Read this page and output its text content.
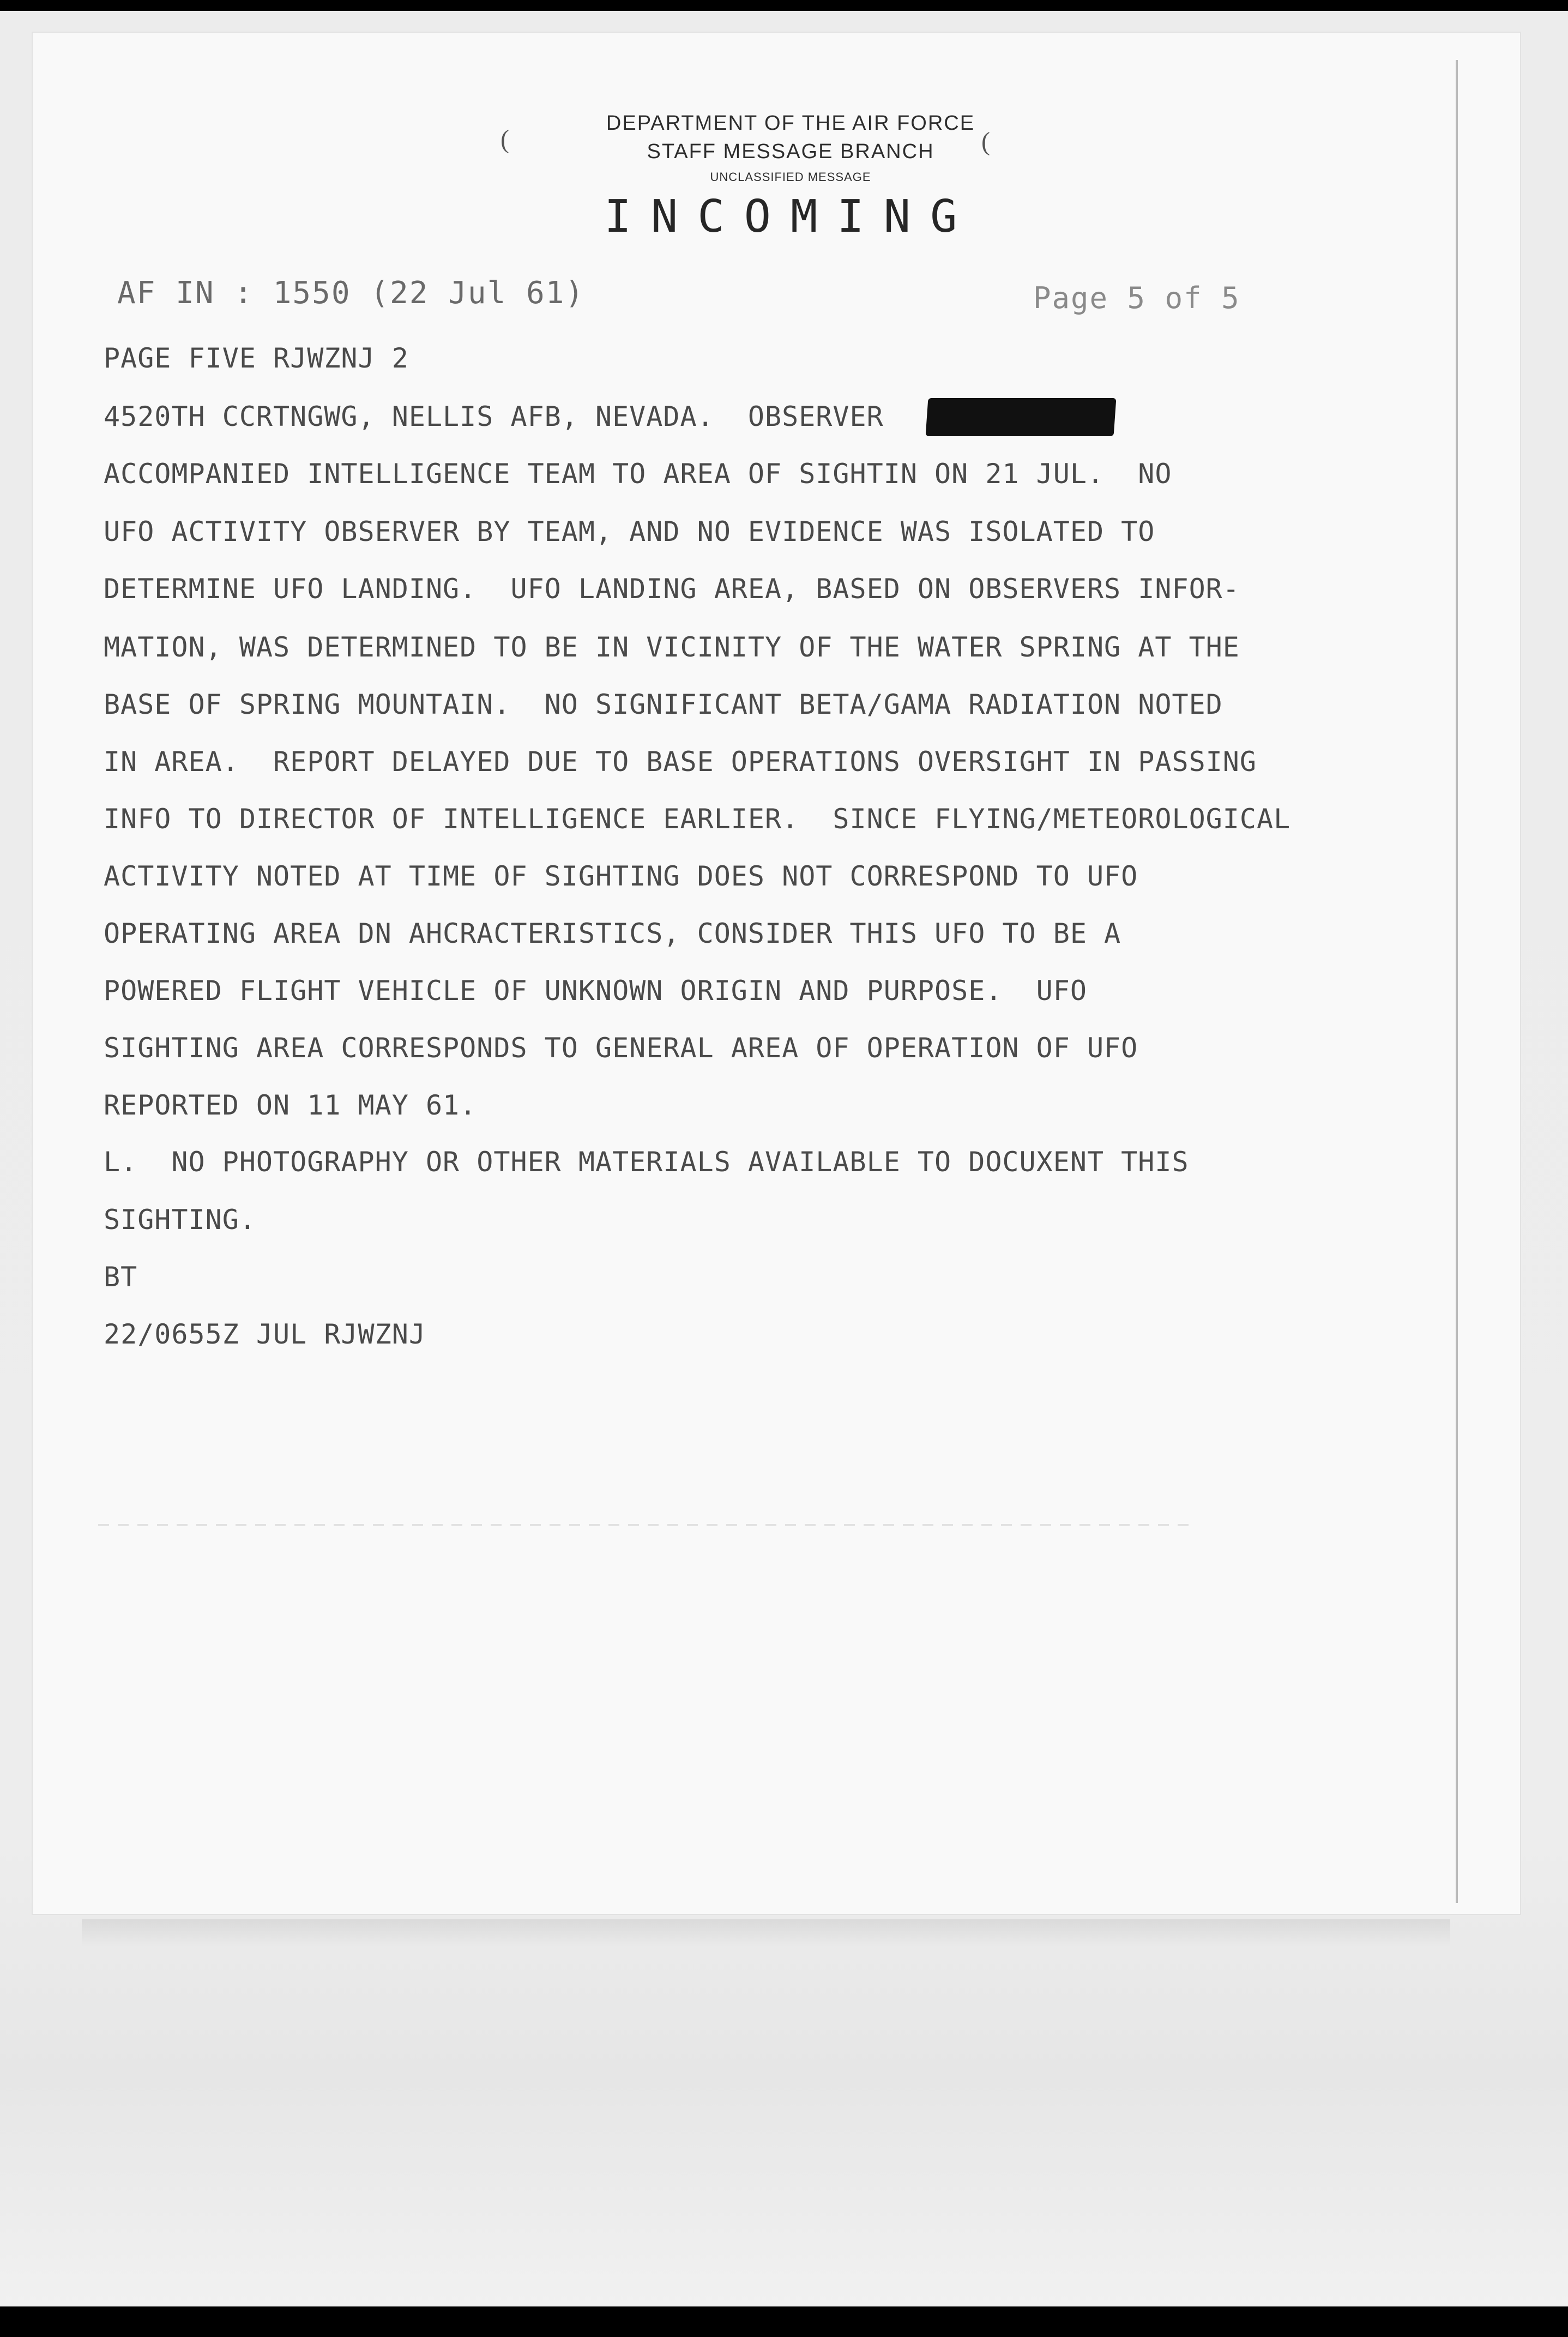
(	(
DEPARTMENT OF THE AIR FORCE
STAFF MESSAGE BRANCH
UNCLASSIFIED MESSAGE
INCOMING
AF IN : 1550 (22 Jul 61)	Page 5 of 5
PAGE FIVE RJWZNJ 2
4520TH CCRTNGWG, NELLIS AFB, NEVADA.  OBSERVER
ACCOMPANIED INTELLIGENCE TEAM TO AREA OF SIGHTIN ON 21 JUL.  NO
UFO ACTIVITY OBSERVER BY TEAM, AND NO EVIDENCE WAS ISOLATED TO
DETERMINE UFO LANDING.  UFO LANDING AREA, BASED ON OBSERVERS INFOR-
MATION, WAS DETERMINED TO BE IN VICINITY OF THE WATER SPRING AT THE
BASE OF SPRING MOUNTAIN.  NO SIGNIFICANT BETA/GAMA RADIATION NOTED
IN AREA.  REPORT DELAYED DUE TO BASE OPERATIONS OVERSIGHT IN PASSING
INFO TO DIRECTOR OF INTELLIGENCE EARLIER.  SINCE FLYING/METEOROLOGICAL
ACTIVITY NOTED AT TIME OF SIGHTING DOES NOT CORRESPOND TO UFO
OPERATING AREA DN AHCRACTERISTICS, CONSIDER THIS UFO TO BE A
POWERED FLIGHT VEHICLE OF UNKNOWN ORIGIN AND PURPOSE.  UFO
SIGHTING AREA CORRESPONDS TO GENERAL AREA OF OPERATION OF UFO
REPORTED ON 11 MAY 61.
L.  NO PHOTOGRAPHY OR OTHER MATERIALS AVAILABLE TO DOCUXENT THIS
SIGHTING.
BT
22/0655Z JUL RJWZNJ
